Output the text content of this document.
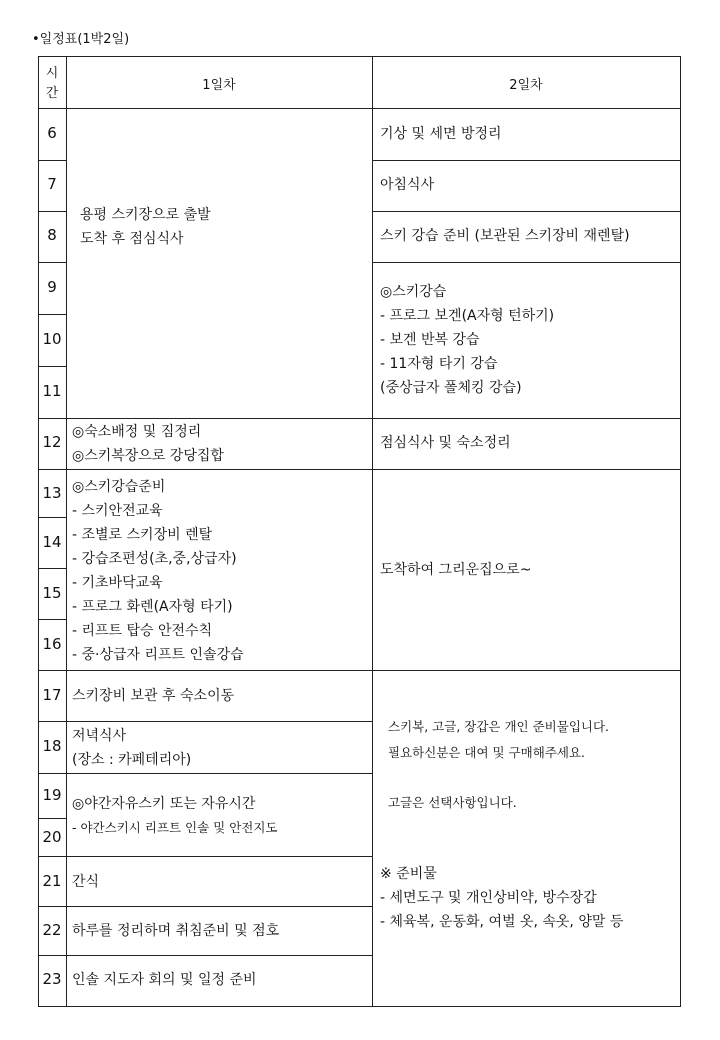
•일정표(1박2일)
시
간
1일차	2일차
6
7
8
9
10
11
12
13
14
15
16
17
18
19
20
21
22
23
용평 스키장으로 출발
도착 후 점심식사
◎숙소배정 및 짐정리
◎스키복장으로 강당집합
◎스키강습준비
- 스키안전교육
- 조별로 스키장비 렌탈
- 강습조편성(초,중,상급자)
- 기초바닥교육
- 프로그 화렌(A자형 타기)
- 리프트 탑승 안전수칙
- 중·상급자 리프트 인솔강습
스키장비 보관 후 숙소이동
저녁식사
(장소 : 카페테리아)
◎야간자유스키 또는 자유시간
- 야간스키시 리프트 인솔 및 안전지도
간식
하루를 정리하며 취침준비 및 점호
인솔 지도자 회의 및 일정 준비
기상 및 세면 방정리
아침식사
스키 강습 준비 (보관된 스키장비 재렌탈)
◎스키강습
- 프로그 보겐(A자형 턴하기)
- 보겐 반복 강습
- 11자형 타기 강습
(중상급자 폴체킹 강습)
점심식사 및 숙소정리
도착하여 그리운집으로~
스키복, 고글, 장갑은 개인 준비물입니다.
필요하신분은 대여 및 구매해주세요.
고글은 선택사항입니다.
※ 준비물
- 세면도구 및 개인상비약, 방수장갑
- 체육복, 운동화, 여벌 옷, 속옷, 양말 등
